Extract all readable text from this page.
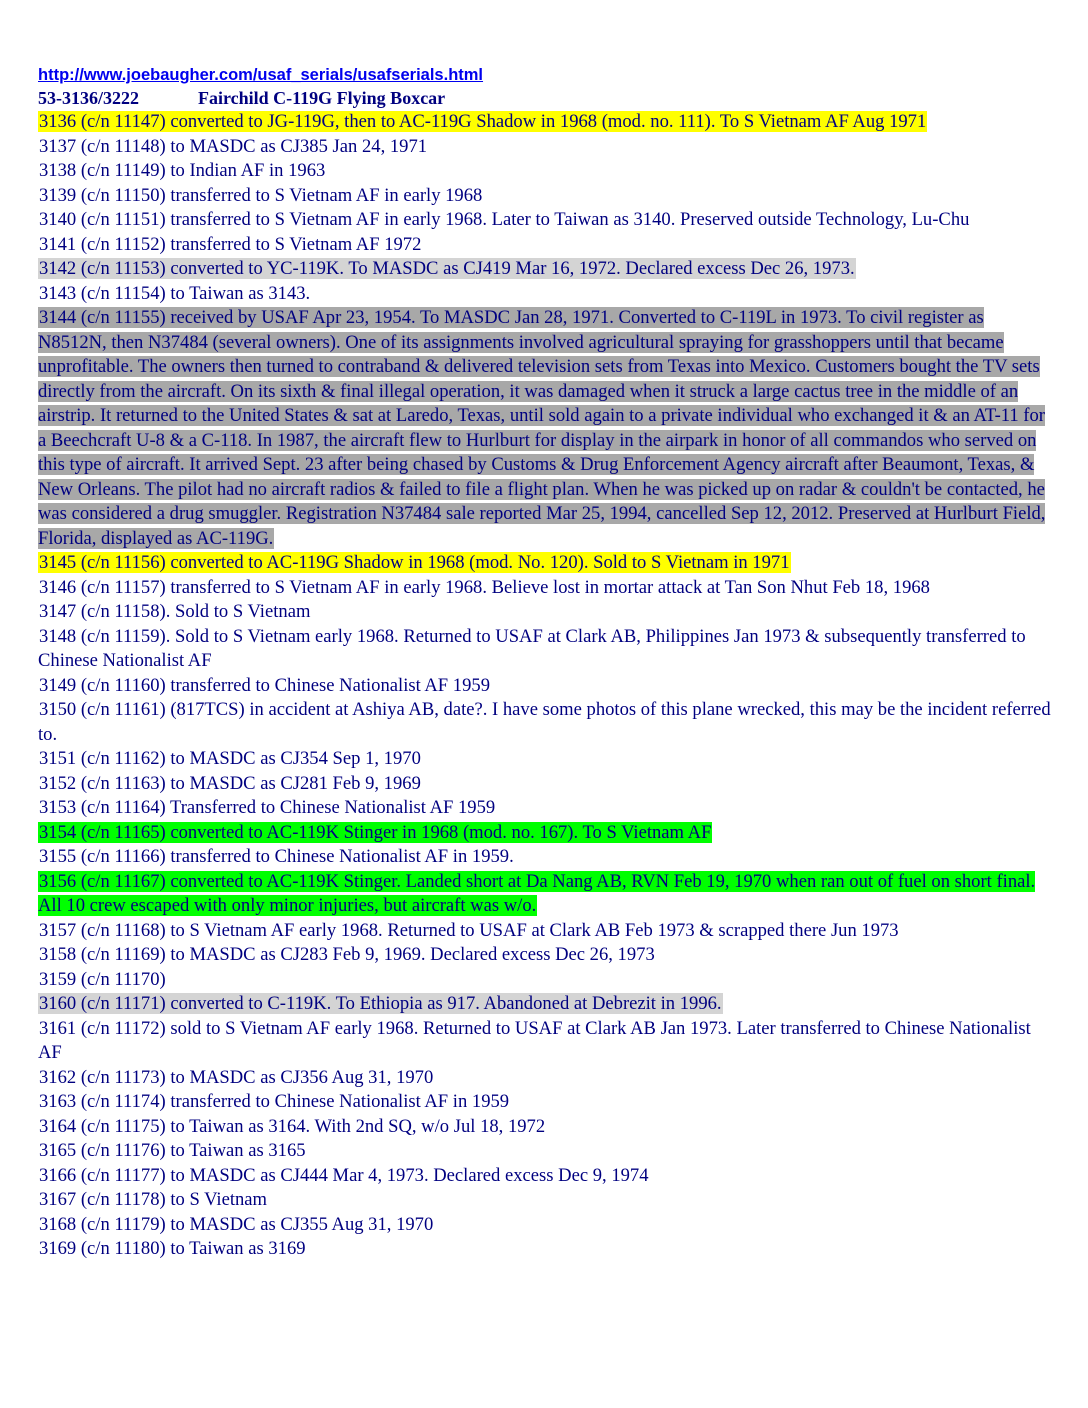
http://www.joebaugher.com/usaf_serials/usafserials.html
53-3136/3222	Fairchild C-119G Flying Boxcar

3136 (c/n 11147) converted to JG-119G, then to AC-119G Shadow in 1968 (mod. no. 111). To S Vietnam AF Aug 1971

3137 (c/n 11148) to MASDC as CJ385 Jan 24, 1971

3138 (c/n 11149) to Indian AF in 1963

3139 (c/n 11150) transferred to S Vietnam AF in early 1968

3140 (c/n 11151) transferred to S Vietnam AF in early 1968. Later to Taiwan as 3140. Preserved outside Technology, Lu-Chu

3141 (c/n 11152) transferred to S Vietnam AF 1972

3142 (c/n 11153) converted to YC-119K. To MASDC as CJ419 Mar 16, 1972. Declared excess Dec 26, 1973.

3143 (c/n 11154) to Taiwan as 3143.

3144 (c/n 11155) received by USAF Apr 23, 1954. To MASDC Jan 28, 1971. Converted to C-119L in 1973. To civil register as N8512N, then N37484 (several owners). One of its assignments involved agricultural spraying for grasshoppers until that became unprofitable. The owners then turned to contraband & delivered television sets from Texas into Mexico. Customers bought the TV sets directly from the aircraft. On its sixth & final illegal operation, it was damaged when it struck a large cactus tree in the middle of an airstrip. It returned to the United States & sat at Laredo, Texas, until sold again to a private individual who exchanged it & an AT-11 for a Beechcraft U-8 & a C-118. In 1987, the aircraft flew to Hurlburt for display in the airpark in honor of all commandos who served on this type of aircraft. It arrived Sept. 23 after being chased by Customs & Drug Enforcement Agency aircraft after Beaumont, Texas, & New Orleans. The pilot had no aircraft radios & failed to file a flight plan. When he was picked up on radar & couldn't be contacted, he was considered a drug smuggler. Registration N37484 sale reported Mar 25, 1994, cancelled Sep 12, 2012. Preserved at Hurlburt Field, Florida, displayed as AC-119G.

3145 (c/n 11156) converted to AC-119G Shadow in 1968 (mod. No. 120). Sold to S Vietnam in 1971

3146 (c/n 11157) transferred to S Vietnam AF in early 1968. Believe lost in mortar attack at Tan Son Nhut Feb 18, 1968

3147 (c/n 11158). Sold to S Vietnam

3148 (c/n 11159). Sold to S Vietnam early 1968. Returned to USAF at Clark AB, Philippines Jan 1973 & subsequently transferred to Chinese Nationalist AF

3149 (c/n 11160) transferred to Chinese Nationalist AF 1959

3150 (c/n 11161) (817TCS) in accident at Ashiya AB, date?. I have some photos of this plane wrecked, this may be the incident referred to.

3151 (c/n 11162) to MASDC as CJ354 Sep 1, 1970

3152 (c/n 11163) to MASDC as CJ281 Feb 9, 1969

3153 (c/n 11164) Transferred to Chinese Nationalist AF 1959

3154 (c/n 11165) converted to AC-119K Stinger in 1968 (mod. no. 167). To S Vietnam AF

3155 (c/n 11166) transferred to Chinese Nationalist AF in 1959.

3156 (c/n 11167) converted to AC-119K Stinger. Landed short at Da Nang AB, RVN Feb 19, 1970 when ran out of fuel on short final. All 10 crew escaped with only minor injuries, but aircraft was w/o.

3157 (c/n 11168) to S Vietnam AF early 1968. Returned to USAF at Clark AB Feb 1973 & scrapped there Jun 1973

3158 (c/n 11169) to MASDC as CJ283 Feb 9, 1969. Declared excess Dec 26, 1973

3159 (c/n 11170)

3160 (c/n 11171) converted to C-119K. To Ethiopia as 917. Abandoned at Debrezit in 1996.

3161 (c/n 11172) sold to S Vietnam AF early 1968. Returned to USAF at Clark AB Jan 1973. Later transferred to Chinese Nationalist AF

3162 (c/n 11173) to MASDC as CJ356 Aug 31, 1970

3163 (c/n 11174) transferred to Chinese Nationalist AF in 1959

3164 (c/n 11175) to Taiwan as 3164. With 2nd SQ, w/o Jul 18, 1972

3165 (c/n 11176) to Taiwan as 3165

3166 (c/n 11177) to MASDC as CJ444 Mar 4, 1973. Declared excess Dec 9, 1974

3167 (c/n 11178) to S Vietnam

3168 (c/n 11179) to MASDC as CJ355 Aug 31, 1970

3169 (c/n 11180) to Taiwan as 3169
